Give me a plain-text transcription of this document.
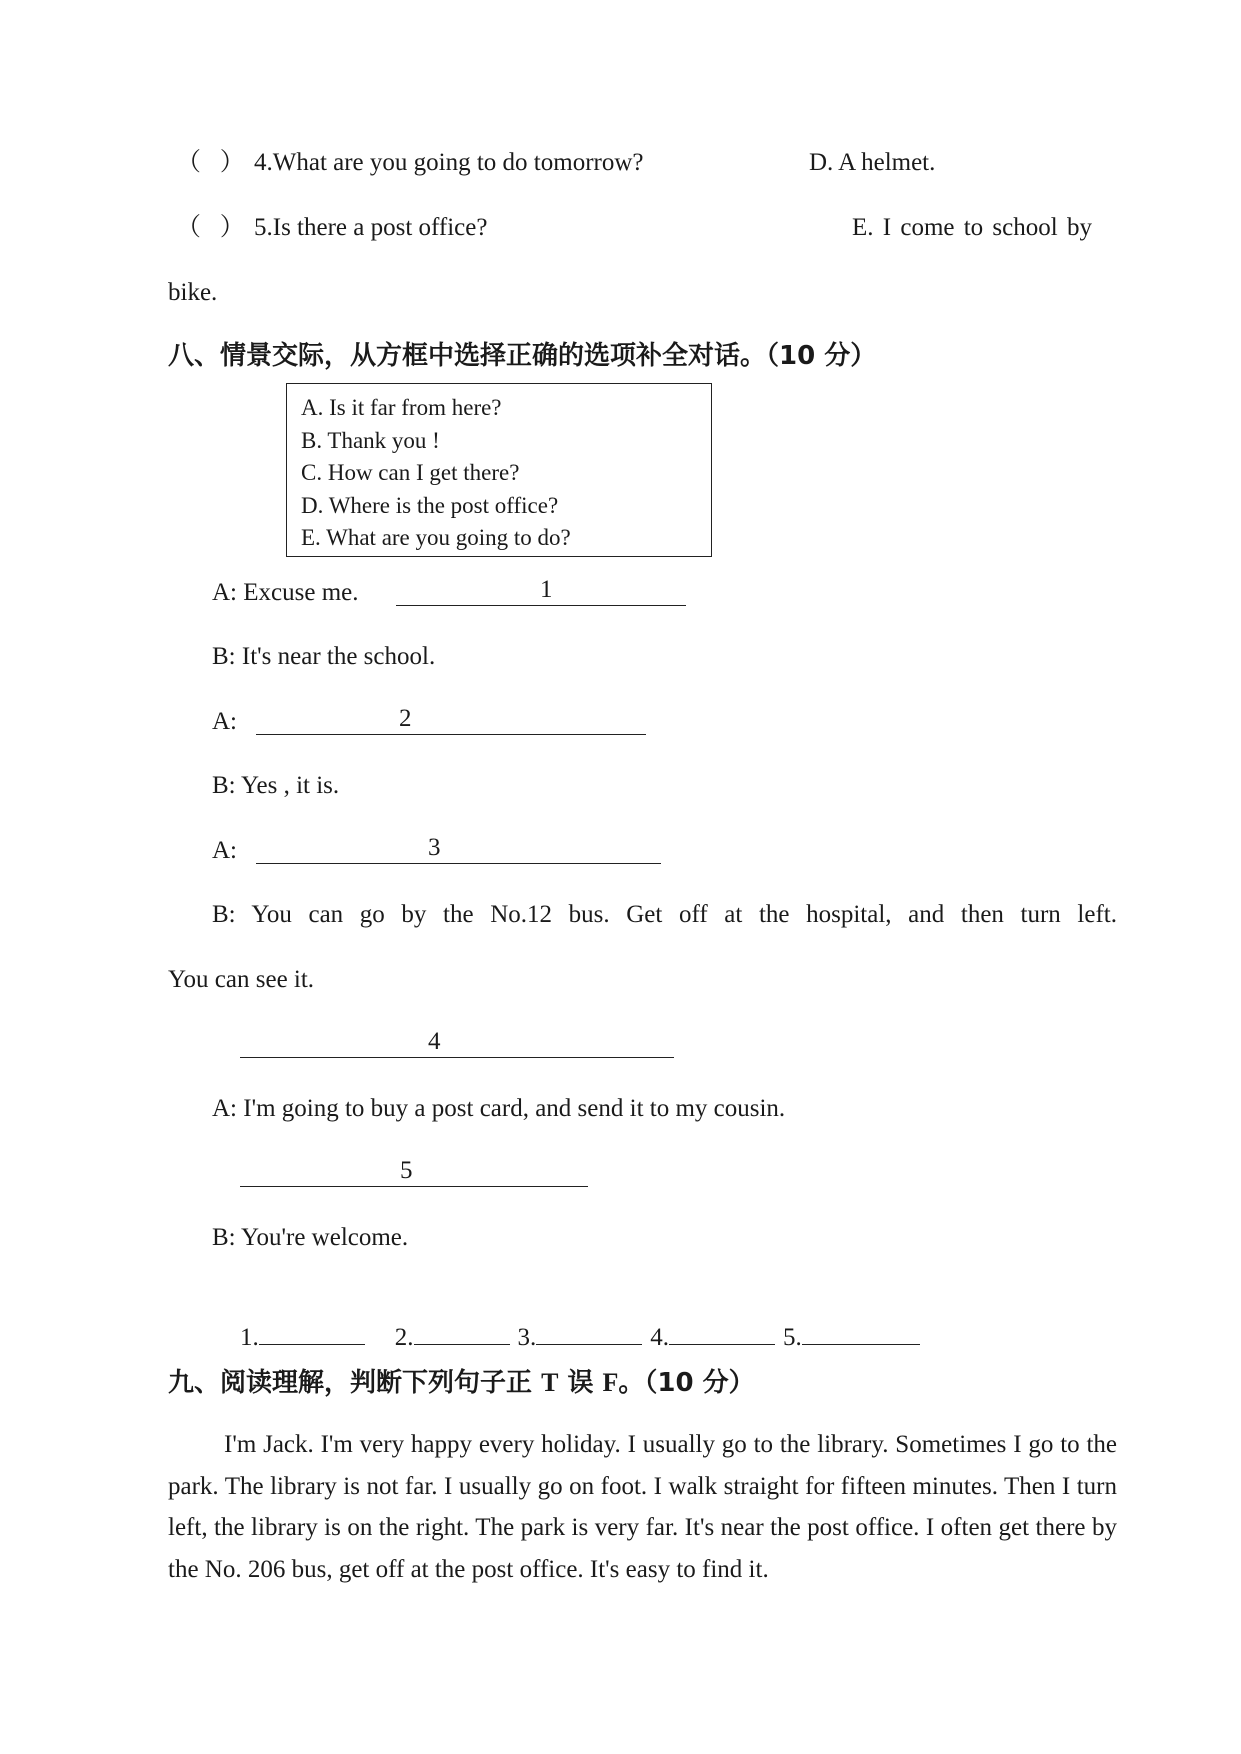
（ ） 4.What are you going to do tomorrow?	D. A helmet.
（ ） 5.Is there a post office?	E. I come to school by
bike.
八、情景交际，从方框中选择正确的选项补全对话。（10 分）
A. Is it far from here?
B. Thank you !
C. How can I get there?
D. Where is the post office?
E. What are you going to do?
A: Excuse me.	1
B: It's near the school.
A:	2
B: Yes , it is.
A:	3
B: You can go by the No.12 bus. Get off at the hospital, and then turn left.
You can see it.
4
A: I'm going to buy a post card, and send it to my cousin.
5
B: You're welcome.
1.	2.	3.	4.	5.
九、阅读理解，判断下列句子正 T 误 F。（10 分）
I'm Jack. I'm very happy every holiday. I usually go to the library. Sometimes I go to the park. The library is not far. I usually go on foot. I walk straight for fifteen minutes. Then I turn left, the library is on the right. The park is very far. It's near the post office. I often get there by the No. 206 bus, get off at the post office. It's easy to find it.
